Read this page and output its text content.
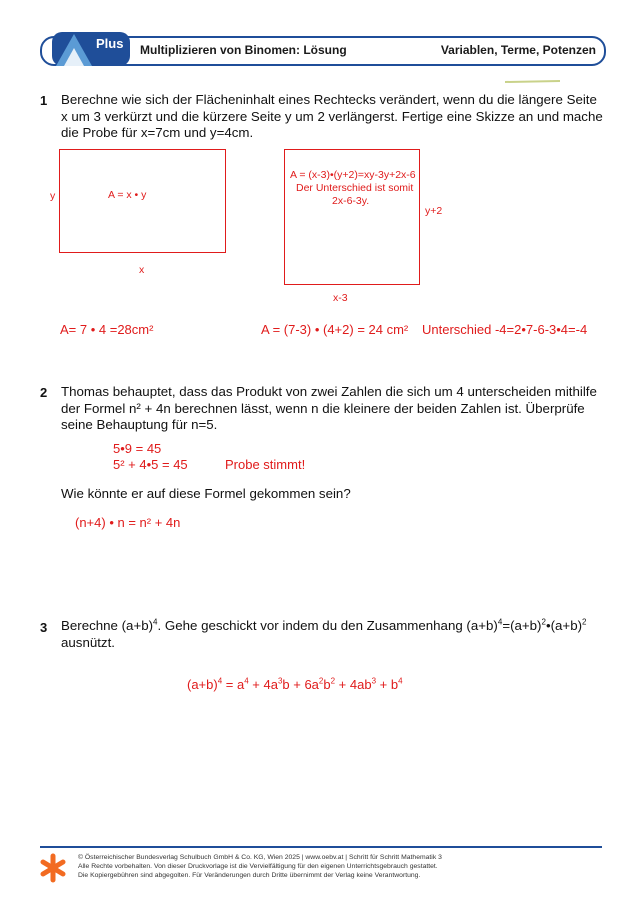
Plus Multiplizieren von Binomen: Lösung	Variablen, Terme, Potenzen
1 Berechne wie sich der Flächeninhalt eines Rechtecks verändert, wenn du die längere Seite x um 3 verkürzt und die kürzere Seite y um 2 verlängerst. Fertige eine Skizze an und mache die Probe für x=7cm und y=4cm.
y	A = x • y
x
A = (x-3)•(y+2)=xy-3y+2x-6
Der Unterschied ist somit
2x-6-3y.
y+2
x-3
A= 7 • 4 =28cm²	A = (7-3) • (4+2) = 24 cm² Unterschied -4=2•7-6-3•4=-4
2 Thomas behauptet, dass das Produkt von zwei Zahlen die sich um 4 unterscheiden mithilfe der Formel n² + 4n berechnen lässt, wenn n die kleinere der beiden Zahlen ist. Überprüfe seine Behauptung für n=5.
5•9 = 45
5² + 4•5 = 45	Probe stimmt!
Wie könnte er auf diese Formel gekommen sein?
(n+4) • n = n² + 4n
3 Berechne $(a+b)^4$. Gehe geschickt vor indem du den Zusammenhang $(a+b)^4=(a+b)^2•(a+b)^2$
ausnützt.
$(a+b)^4 = a^4 + 4a^3b + 6a^2b^2 + 4ab^3 + b^4$
© Österreichischer Bundesverlag Schulbuch GmbH & Co. KG, Wien 2025 | www.oebv.at | Schritt für Schritt Mathematik 3
Alle Rechte vorbehalten. Von dieser Druckvorlage ist die Vervielfältigung für den eigenen Unterrichtsgebrauch gestattet.
Die Kopiergebühren sind abgegolten. Für Veränderungen durch Dritte übernimmt der Verlag keine Verantwortung.
